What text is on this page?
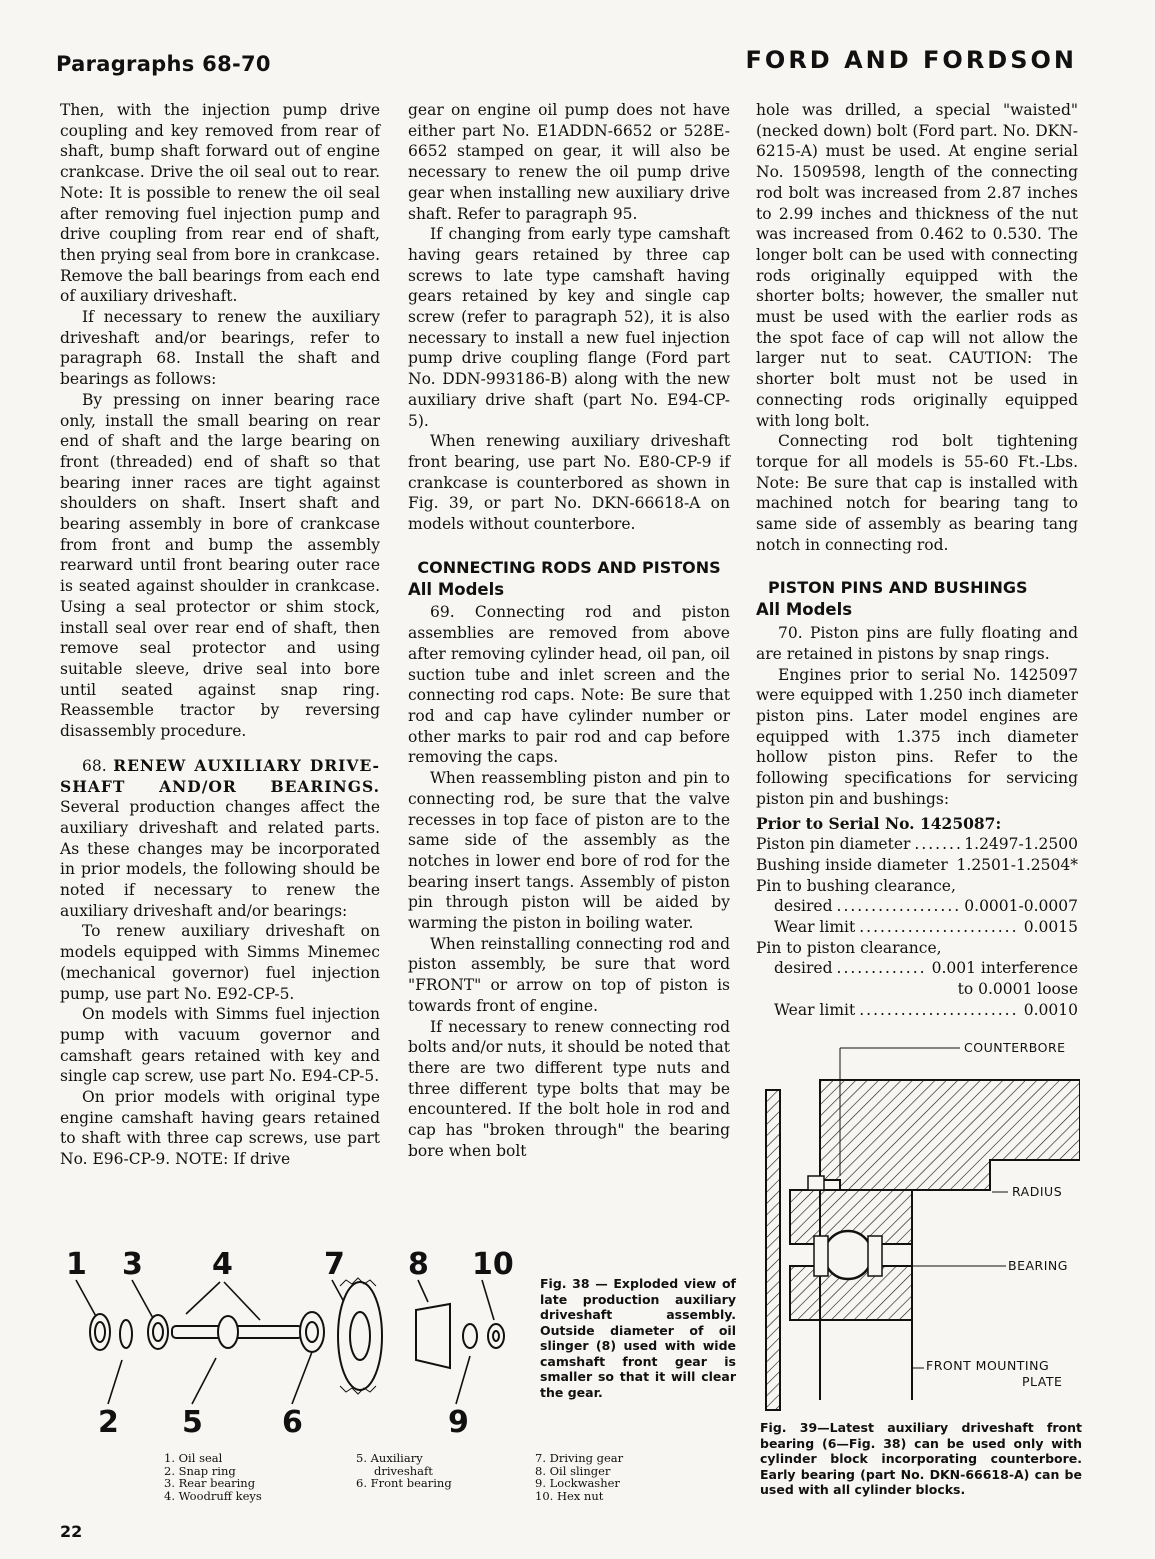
Paragraphs 68-70	FORD AND FORDSON

Then, with the injection pump drive coupling and key removed from rear of shaft, bump shaft forward out of engine crankcase. Drive the oil seal out to rear. Note: It is possible to renew the oil seal after removing fuel injection pump and drive coupling from rear end of shaft, then prying seal from bore in crankcase. Remove the ball bearings from each end of auxiliary driveshaft.

If necessary to renew the auxiliary driveshaft and/or bearings, refer to paragraph 68. Install the shaft and bearings as follows:

By pressing on inner bearing race only, install the small bearing on rear end of shaft and the large bearing on front (threaded) end of shaft so that bearing inner races are tight against shoulders on shaft. Insert shaft and bearing assembly in bore of crankcase from front and bump the assembly rearward until front bearing outer race is seated against shoulder in crankcase. Using a seal protector or shim stock, install seal over rear end of shaft, then remove seal protector and using suitable sleeve, drive seal into bore until seated against snap ring. Reassemble tractor by reversing disassembly procedure.

68. RENEW AUXILIARY DRIVE-SHAFT AND/OR BEARINGS. Several production changes affect the auxiliary driveshaft and related parts. As these changes may be incorporated in prior models, the following should be noted if necessary to renew the auxiliary driveshaft and/or bearings:

To renew auxiliary driveshaft on models equipped with Simms Minemec (mechanical governor) fuel injection pump, use part No. E92-CP-5.

On models with Simms fuel injection pump with vacuum governor and camshaft gears retained with key and single cap screw, use part No. E94-CP-5.

On prior models with original type engine camshaft having gears retained to shaft with three cap screws, use part No. E96-CP-9. NOTE: If drive

gear on engine oil pump does not have either part No. E1ADDN-6652 or 528E-6652 stamped on gear, it will also be necessary to renew the oil pump drive gear when installing new auxiliary drive shaft. Refer to paragraph 95.

If changing from early type camshaft having gears retained by three cap screws to late type camshaft having gears retained by key and single cap screw (refer to paragraph 52), it is also necessary to install a new fuel injection pump drive coupling flange (Ford part No. DDN-993186-B) along with the new auxiliary drive shaft (part No. E94-CP-5).

When renewing auxiliary driveshaft front bearing, use part No. E80-CP-9 if crankcase is counterbored as shown in Fig. 39, or part No. DKN-66618-A on models without counterbore.

CONNECTING RODS AND PISTONS
All Models

69. Connecting rod and piston assemblies are removed from above after removing cylinder head, oil pan, oil suction tube and inlet screen and the connecting rod caps. Note: Be sure that rod and cap have cylinder number or other marks to pair rod and cap before removing the caps.

When reassembling piston and pin to connecting rod, be sure that the valve recesses in top face of piston are to the same side of the assembly as the notches in lower end bore of rod for the bearing insert tangs. Assembly of piston pin through piston will be aided by warming the piston in boiling water.

When reinstalling connecting rod and piston assembly, be sure that word "FRONT" or arrow on top of piston is towards front of engine.

If necessary to renew connecting rod bolts and/or nuts, it should be noted that there are two different type nuts and three different type bolts that may be encountered. If the bolt hole in rod and cap has "broken through" the bearing bore when bolt

hole was drilled, a special "waisted" (necked down) bolt (Ford part. No. DKN-6215-A) must be used. At engine serial No. 1509598, length of the connecting rod bolt was increased from 2.87 inches to 2.99 inches and thickness of the nut was increased from 0.462 to 0.530. The longer bolt can be used with connecting rods originally equipped with the shorter bolts; however, the smaller nut must be used with the earlier rods as the spot face of cap will not allow the larger nut to seat. CAUTION: The shorter bolt must not be used in connecting rods originally equipped with long bolt.

Connecting rod bolt tightening torque for all models is 55-60 Ft.-Lbs. Note: Be sure that cap is installed with machined notch for bearing tang to same side of assembly as bearing tang notch in connecting rod.

PISTON PINS AND BUSHINGS
All Models

70. Piston pins are fully floating and are retained in pistons by snap rings.

Engines prior to serial No. 1425097 were equipped with 1.250 inch diameter piston pins. Later model engines are equipped with 1.375 inch diameter hollow piston pins. Refer to the following specifications for servicing piston pin and bushings:

Prior to Serial No. 1425087:
Piston pin diameter .....	1.2497-1.2500
Bushing inside diameter 1.2501-1.2504*
Pin to bushing clearance,
desired .....	0.0001-0.0007
Wear limit .....	0.0015
Pin to piston clearance,
desired .....	0.001 interference
to 0.0001 loose
Wear limit .....	0.0010
1 3 4	7 8 10
2 5	6	9
Fig. 38 — Exploded view of late production auxiliary driveshaft assembly. Outside diameter of oil slinger (8) used with wide camshaft front gear is smaller so that it will clear the gear.
1. Oil seal
2. Snap ring
3. Rear bearing
4. Woodruff keys
5. Auxiliary
driveshaft
6. Front bearing
7. Driving gear
8. Oil slinger
9. Lockwasher
10. Hex nut
COUNTERBORE
RADIUS
BEARING
FRONT MOUNTING
PLATE
Fig. 39—Latest auxiliary driveshaft front bearing (6—Fig. 38) can be used only with cylinder block incorporating counterbore. Early bearing (part No. DKN-66618-A) can be used with all cylinder blocks.
22
